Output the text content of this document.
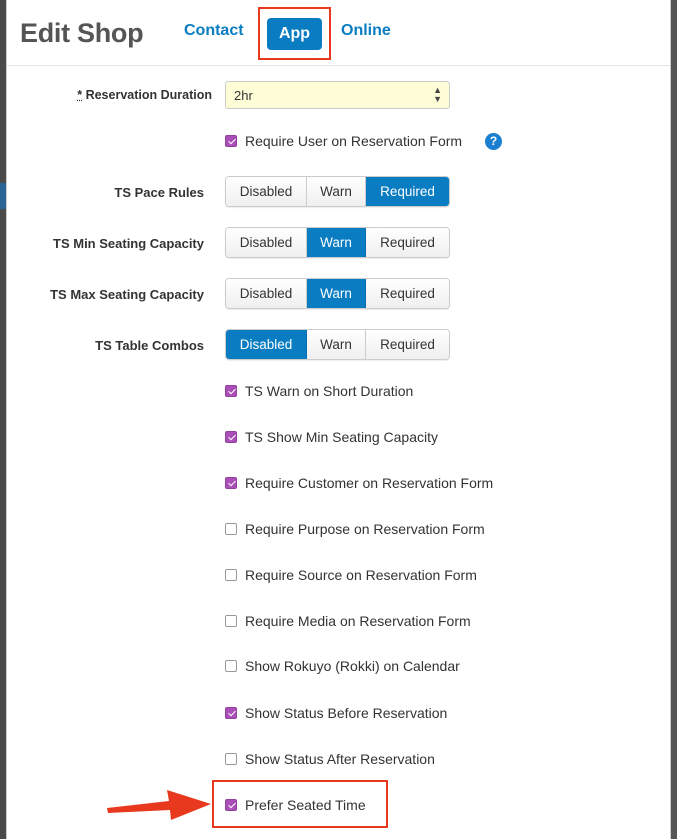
Edit Shop	Contact	App	Online
* Reservation Duration	2hr	▲
▼
Require User on Reservation Form	?
TS Pace Rules	Disabled	Warn	Required
TS Min Seating Capacity	Disabled	Warn	Required
TS Max Seating Capacity	Disabled	Warn	Required
TS Table Combos	Disabled	Warn	Required
TS Warn on Short Duration
TS Show Min Seating Capacity
Require Customer on Reservation Form
Require Purpose on Reservation Form
Require Source on Reservation Form
Require Media on Reservation Form
Show Rokuyo (Rokki) on Calendar
Show Status Before Reservation
Show Status After Reservation
Prefer Seated Time
